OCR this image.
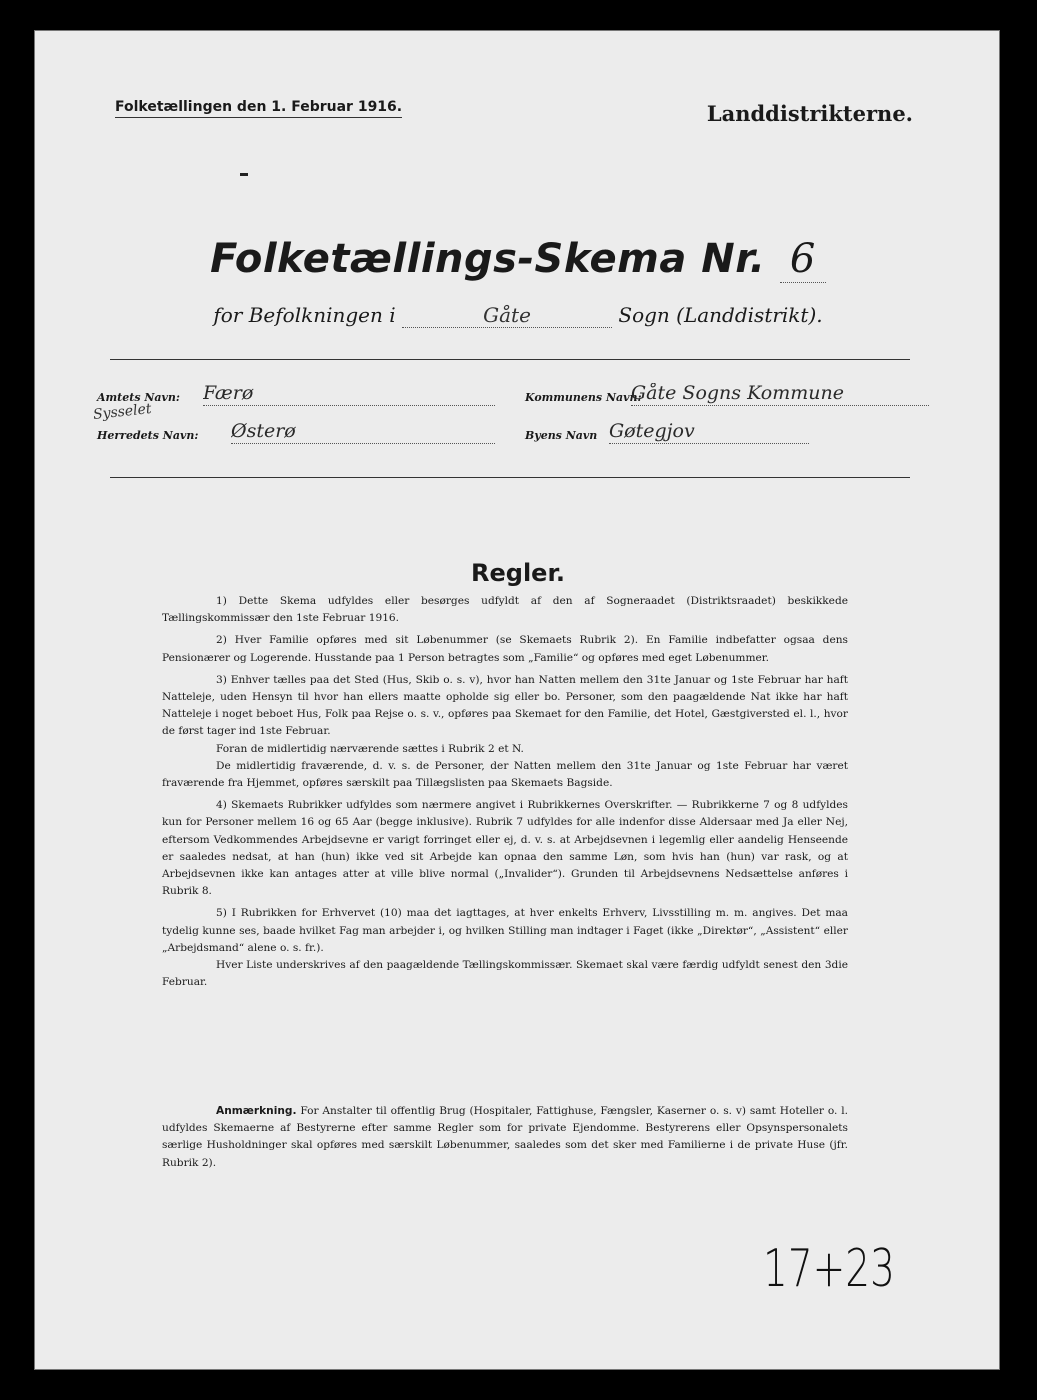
Folketællingen den 1. Februar 1916.	Landdistrikterne.
Folketællings-Skema Nr. 6
for Befolkningen i	Gåte	Sogn (Landdistrikt).
Amtets Navn: Færø
Sysselet
Herredets Navn: Østerø
Kommunens Navn:
Gåte Sogns Kommune
Byens Navn Gøtegjov
Regler.

1) Dette Skema udfyldes eller besørges udfyldt af den af Sogneraadet (Distriktsraadet) beskikkede Tællingskommissær den 1ste Februar 1916.

2) Hver Familie opføres med sit Løbenummer (se Skemaets Rubrik 2). En Familie indbefatter ogsaa dens Pensionærer og Logerende. Husstande paa 1 Person betragtes som „Familie“ og opføres med eget Løbenummer.

3) Enhver tælles paa det Sted (Hus, Skib o. s. v), hvor han Natten mellem den 31te Januar og 1ste Februar har haft Natteleje, uden Hensyn til hvor han ellers maatte opholde sig eller bo. Personer, som den paagældende Nat ikke har haft Natteleje i noget beboet Hus, Folk paa Rejse o. s. v., opføres paa Skemaet for den Familie, det Hotel, Gæstgiversted el. l., hvor de først tager ind 1ste Februar.

Foran de midlertidig nærværende sættes i Rubrik 2 et N.

De midlertidig fraværende, d. v. s. de Personer, der Natten mellem den 31te Januar og 1ste Februar har været fraværende fra Hjemmet, opføres særskilt paa Tillægslisten paa Skemaets Bagside.

4) Skemaets Rubrikker udfyldes som nærmere angivet i Rubrikkernes Overskrifter. — Rubrikkerne 7 og 8 udfyldes kun for Personer mellem 16 og 65 Aar (begge inklusive). Rubrik 7 udfyldes for alle indenfor disse Aldersaar med Ja eller Nej, eftersom Vedkommendes Arbejdsevne er varigt forringet eller ej, d. v. s. at Arbejdsevnen i legemlig eller aandelig Henseende er saaledes nedsat, at han (hun) ikke ved sit Arbejde kan opnaa den samme Løn, som hvis han (hun) var rask, og at Arbejdsevnen ikke kan antages atter at ville blive normal („Invalider“). Grunden til Arbejdsevnens Nedsættelse anføres i Rubrik 8.

5) I Rubrikken for Erhvervet (10) maa det iagttages, at hver enkelts Erhverv, Livsstilling m. m. angives. Det maa tydelig kunne ses, baade hvilket Fag man arbejder i, og hvilken Stilling man indtager i Faget (ikke „Direktør“, „Assistent“ eller „Arbejdsmand“ alene o. s. fr.).

Hver Liste underskrives af den paagældende Tællingskommissær. Skemaet skal være færdig udfyldt senest den 3die Februar.

Anmærkning. For Anstalter til offentlig Brug (Hospitaler, Fattighuse, Fængsler, Kaserner o. s. v) samt Hoteller o. l. udfyldes Skemaerne af Bestyrerne efter samme Regler som for private Ejendomme. Bestyrerens eller Opsynspersonalets særlige Husholdninger skal opføres med særskilt Løbenummer, saaledes som det sker med Familierne i de private Huse (jfr. Rubrik 2).
17+23
